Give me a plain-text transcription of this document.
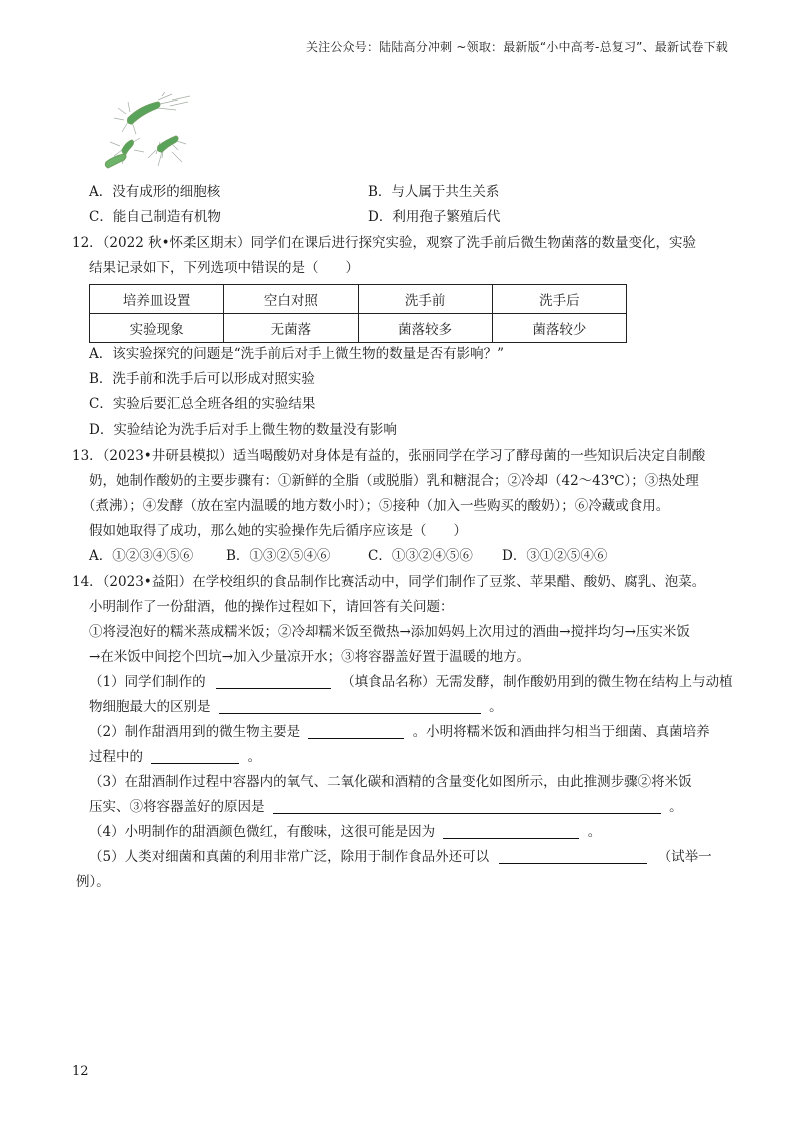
关注公众号：陆陆高分冲刺 ~领取：最新版“小中高考-总复习”、最新试卷下载
A．没有成形的细胞核	B．与人属于共生关系
C．能自己制造有机物	D．利用孢子繁殖后代
12．（2022 秋•怀柔区期末）同学们在课后进行探究实验，观察了洗手前后微生物菌落的数量变化，实验
结果记录如下，下列选项中错误的是（　　）
培养皿设置	空白对照	洗手前	洗手后
实验现象	无菌落	菌落较多	菌落较少
A．该实验探究的问题是“洗手前后对手上微生物的数量是否有影响？”
B．洗手前和洗手后可以形成对照实验
C．实验后要汇总全班各组的实验结果
D．实验结论为洗手后对手上微生物的数量没有影响
13．（2023•井研县模拟）适当喝酸奶对身体是有益的，张丽同学在学习了酵母菌的一些知识后决定自制酸
奶，她制作酸奶的主要步骤有：①新鲜的全脂（或脱脂）乳和糖混合；②冷却（42～43℃）；③热处理
（煮沸）；④发酵（放在室内温暖的地方数小时）；⑤接种（加入一些购买的酸奶）；⑥冷藏或食用。
假如她取得了成功，那么她的实验操作先后循序应该是（　　）
A．①②③④⑤⑥ B．①③②⑤④⑥	C．①③②④⑤⑥ D．③①②⑤④⑥
14．（2023•益阳）在学校组织的食品制作比赛活动中，同学们制作了豆浆、苹果醋、酸奶、腐乳、泡菜。
小明制作了一份甜酒，他的操作过程如下，请回答有关问题：
①将浸泡好的糯米蒸成糯米饭；②冷却糯米饭至微热→添加妈妈上次用过的酒曲→搅拌均匀→压实米饭
→在米饭中间挖个凹坑→加入少量凉开水；③将容器盖好置于温暖的地方。
（1）同学们制作的	（填食品名称）无需发酵，制作酸奶用到的微生物在结构上与动植
物细胞最大的区别是	。
（2）制作甜酒用到的微生物主要是	。小明将糯米饭和酒曲拌匀相当于细菌、真菌培养
过程中的	。
（3）在甜酒制作过程中容器内的氧气、二氧化碳和酒精的含量变化如图所示，由此推测步骤②将米饭
压实、③将容器盖好的原因是	。
（4）小明制作的甜酒颜色微红，有酸味，这很可能是因为	。
（5）人类对细菌和真菌的利用非常广泛，除用于制作食品外还可以	（试举一
例）。
12
